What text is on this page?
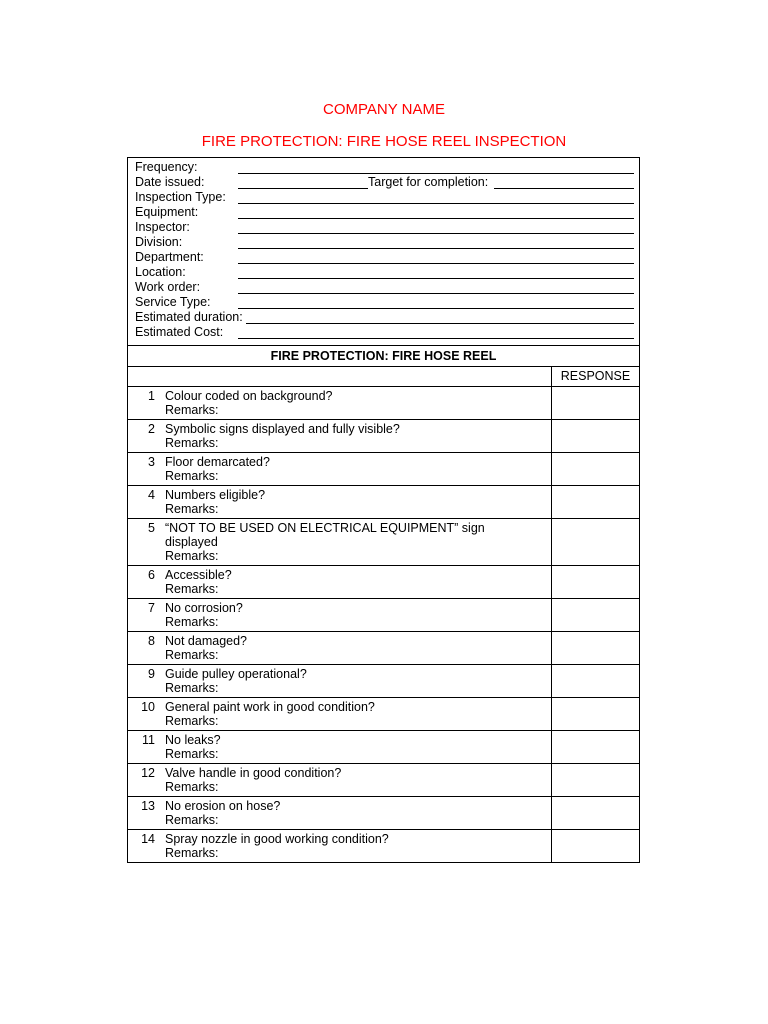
COMPANY NAME
FIRE PROTECTION: FIRE HOSE REEL INSPECTION
Frequency:
Date issued:	Target for completion:
Inspection Type:
Equipment:
Inspector:
Division:
Department:
Location:
Work order:
Service Type:
Estimated duration:
Estimated Cost:
FIRE PROTECTION: FIRE HOSE REEL	
	RESPONSE

1 Colour coded on background?
Remarks:	

2 Symbolic signs displayed and fully visible?
Remarks:	

3 Floor demarcated?
Remarks:	

4 Numbers eligible?
Remarks:	

5 “NOT TO BE USED ON ELECTRICAL EQUIPMENT” sign displayed
Remarks:	

6 Accessible?
Remarks:	

7 No corrosion?
Remarks:	

8 Not damaged?
Remarks:	

9 Guide pulley operational?
Remarks:	

10 General paint work in good condition?
Remarks:	

11 No leaks?
Remarks:	

12 Valve handle in good condition?
Remarks:	

13 No erosion on hose?
Remarks:	

14 Spray nozzle in good working condition?
Remarks:	
